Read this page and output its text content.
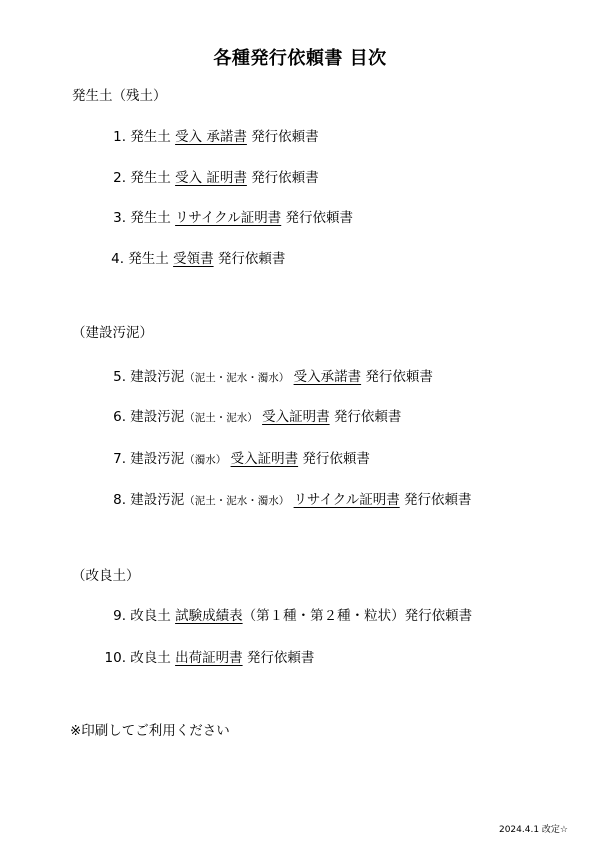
各種発行依頼書 目次
発生土（残土）
1. 発生土 受入 承諾書 発行依頼書
2. 発生土 受入 証明書 発行依頼書
3. 発生土 リサイクル証明書 発行依頼書
4. 発生土 受領書 発行依頼書
（建設汚泥）
5. 建設汚泥（泥土・泥水・濁水） 受入承諾書 発行依頼書
6. 建設汚泥（泥土・泥水） 受入証明書 発行依頼書
7. 建設汚泥（濁水） 受入証明書 発行依頼書
8. 建設汚泥（泥土・泥水・濁水） リサイクル証明書 発行依頼書
（改良土）
9. 改良土 試験成績表（第１種・第２種・粒状）発行依頼書
10. 改良土 出荷証明書 発行依頼書
※印刷してご利用ください
2024.4.1 改定☆
